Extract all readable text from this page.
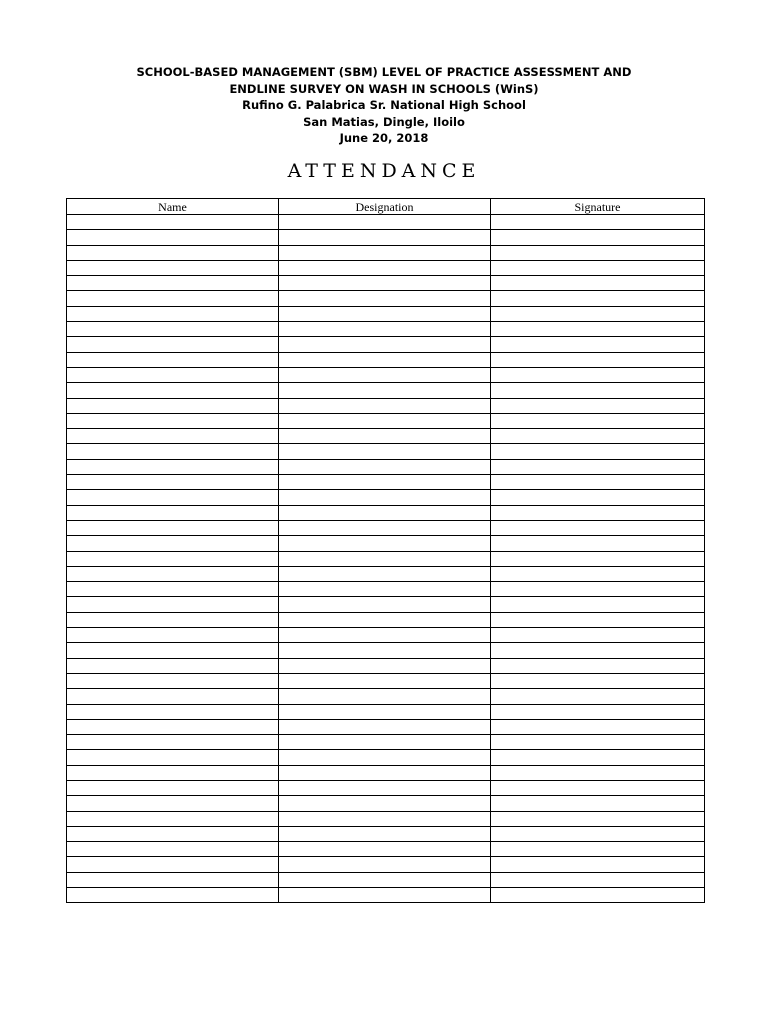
SCHOOL-BASED MANAGEMENT (SBM) LEVEL OF PRACTICE ASSESSMENT AND
ENDLINE SURVEY ON WASH IN SCHOOLS (WinS)
Rufino G. Palabrica Sr. National High School
San Matias, Dingle, Iloilo
June 20, 2018
ATTENDANCE
Name	Designation	Signature
